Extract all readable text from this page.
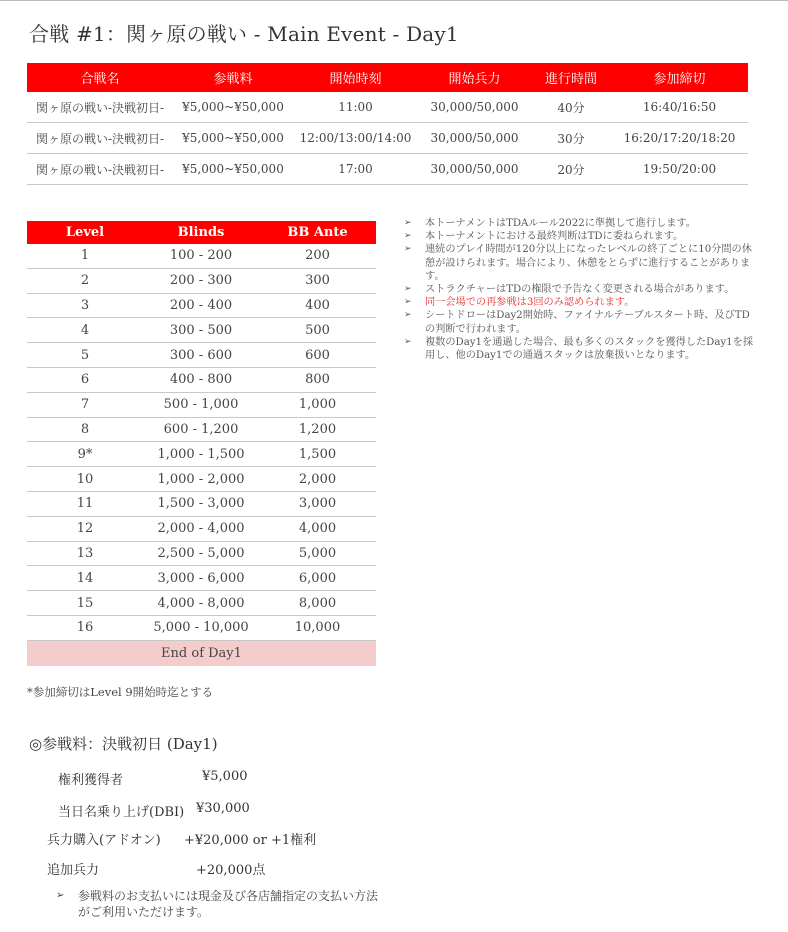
合戦 #1：関ヶ原の戦い - Main Event - Day1
合戦名	参戦料	開始時刻	開始兵力	進行時間	参加締切
関ヶ原の戦い-決戦初日-	¥5,000~¥50,000	11:00	30,000/50,000	40分	16:40/16:50
関ヶ原の戦い-決戦初日-	¥5,000~¥50,000	12:00/13:00/14:00	30,000/50,000	30分	16:20/17:20/18:20
関ヶ原の戦い-決戦初日-	¥5,000~¥50,000	17:00	30,000/50,000	20分	19:50/20:00
Level	Blinds	BB Ante
1	100 - 200	200
2	200 - 300	300
3	200 - 400	400
4	300 - 500	500
5	300 - 600	600
6	400 - 800	800
7	500 - 1,000	1,000
8	600 - 1,200	1,200
9*	1,000 - 1,500	1,500
10	1,000 - 2,000	2,000
11	1,500 - 3,000	3,000
12	2,000 - 4,000	4,000
13	2,500 - 5,000	5,000
14	3,000 - 6,000	6,000
15	4,000 - 8,000	8,000
16	5,000 - 10,000	10,000
End of Day1		
*参加締切はLevel 9開始時迄とする
➢ 本トーナメントはTDAルール2022に準拠して進行します。
➢ 本トーナメントにおける最終判断はTDに委ねられます。
➢ 連続のプレイ時間が120分以上になったレベルの終了ごとに10分間の休憩が設けられます。場合により、休憩をとらずに進行することがあります。
➢ ストラクチャーはTDの権限で予告なく変更される場合があります。
➢ 同一会場での再参戦は3回のみ認められます。
➢ シートドローはDay2開始時、ファイナルテーブルスタート時、及びTDの判断で行われます。
➢ 複数のDay1を通過した場合、最も多くのスタックを獲得したDay1を採用し、他のDay1での通過スタックは放棄扱いとなります。
◎参戦料：決戦初日 (Day1)
権利獲得者	¥5,000
当日名乗り上げ(DBI) ¥30,000
兵力購入(アドオン) +¥20,000 or +1権利
追加兵力	+20,000点
➢	参戦料のお支払いには現金及び各店舗指定の支払い方法がご利用いただけます。
